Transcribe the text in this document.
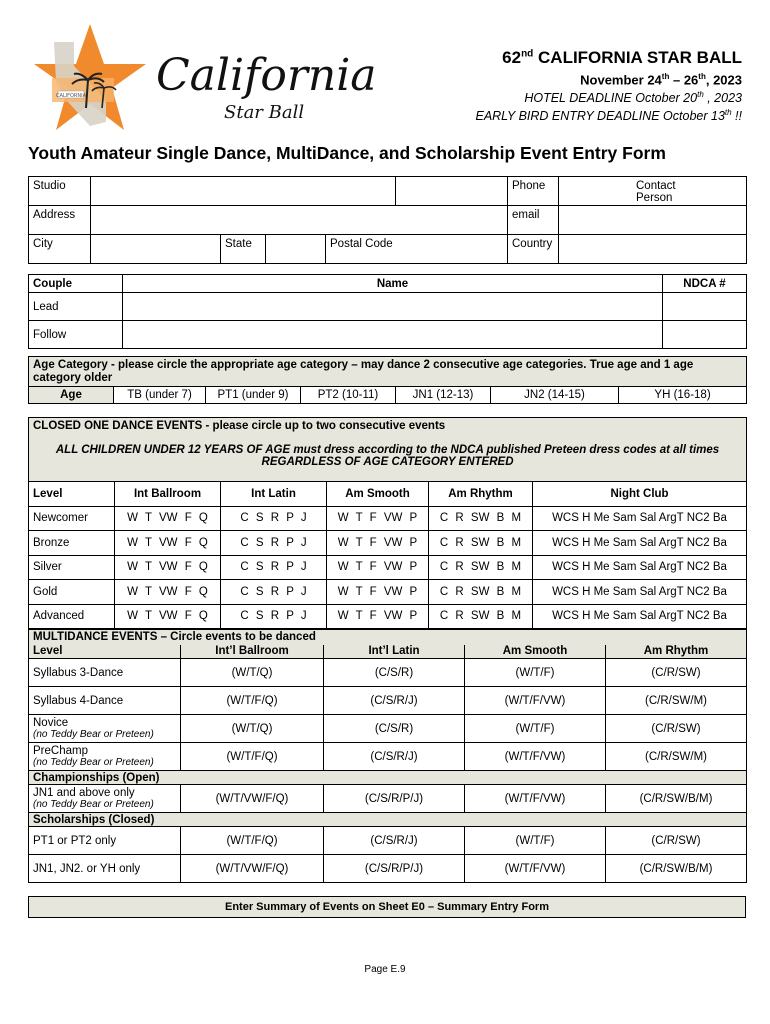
CALIFORNIA California
Star Ball
62nd CALIFORNIA STAR BALL
November 24th – 26th, 2023
HOTEL DEADLINE October 20th , 2023
EARLY BIRD ENTRY DEADLINE October 13th !!
Youth Amateur Single Dance, MultiDance, and Scholarship Event Entry Form
Studio					Contact Person	Phone	
Address						email	
City		State		Postal Code		Country	
Couple	Name	NDCA #
Lead		
Follow		
Age Category - please circle the appropriate age category – may dance 2 consecutive age categories. True age and 1 age category older
Age	TB (under 7)	PT1 (under 9)	PT2 (10-11)	JN1 (12-13)	JN2 (14-15)	YH (16-18)
CLOSED ONE DANCE EVENTS - please circle up to two consecutive events
ALL CHILDREN UNDER 12 YEARS OF AGE must dress according to the NDCA published Preteen dress codes at all times
REGARDLESS OF AGE CATEGORY ENTERED					

Level	Int Ballroom	Int Latin	Am Smooth	Am Rhythm	Night Club
Newcomer	W T VW F Q	C S R P J	W T F VW P	C R SW B M	WCS H Me Sam Sal ArgT NC2 Ba
Bronze	W T VW F Q	C S R P J	W T F VW P	C R SW B M	WCS H Me Sam Sal ArgT NC2 Ba
Silver	W T VW F Q	C S R P J	W T F VW P	C R SW B M	WCS H Me Sam Sal ArgT NC2 Ba
Gold	W T VW F Q	C S R P J	W T F VW P	C R SW B M	WCS H Me Sam Sal ArgT NC2 Ba
Advanced	W T VW F Q	C S R P J	W T F VW P	C R SW B M	WCS H Me Sam Sal ArgT NC2 Ba
MULTIDANCE EVENTS – Circle events to be danced				
Level	Int’l Ballroom	Int’l Latin	Am Smooth	Am Rhythm
Syllabus 3-Dance	(W/T/Q)	(C/S/R)	(W/T/F)	(C/R/SW)
Syllabus 4-Dance	(W/T/F/Q)	(C/S/R/J)	(W/T/F/VW)	(C/R/SW/M)

Novice
(no Teddy Bear or Preteen)	(W/T/Q)	(C/S/R)	(W/T/F)	(C/R/SW)

PreChamp
(no Teddy Bear or Preteen)	(W/T/F/Q)	(C/S/R/J)	(W/T/F/VW)	(C/R/SW/M)
Championships (Open)				

JN1 and above only
(no Teddy Bear or Preteen)	(W/T/VW/F/Q)	(C/S/R/P/J)	(W/T/F/VW)	(C/R/SW/B/M)
Scholarships (Closed)				
PT1 or PT2 only	(W/T/F/Q)	(C/S/R/J)	(W/T/F)	(C/R/SW)
JN1, JN2. or YH only	(W/T/VW/F/Q)	(C/S/R/P/J)	(W/T/F/VW)	(C/R/SW/B/M)
Enter Summary of Events on Sheet E0 – Summary Entry Form
Page E.9
